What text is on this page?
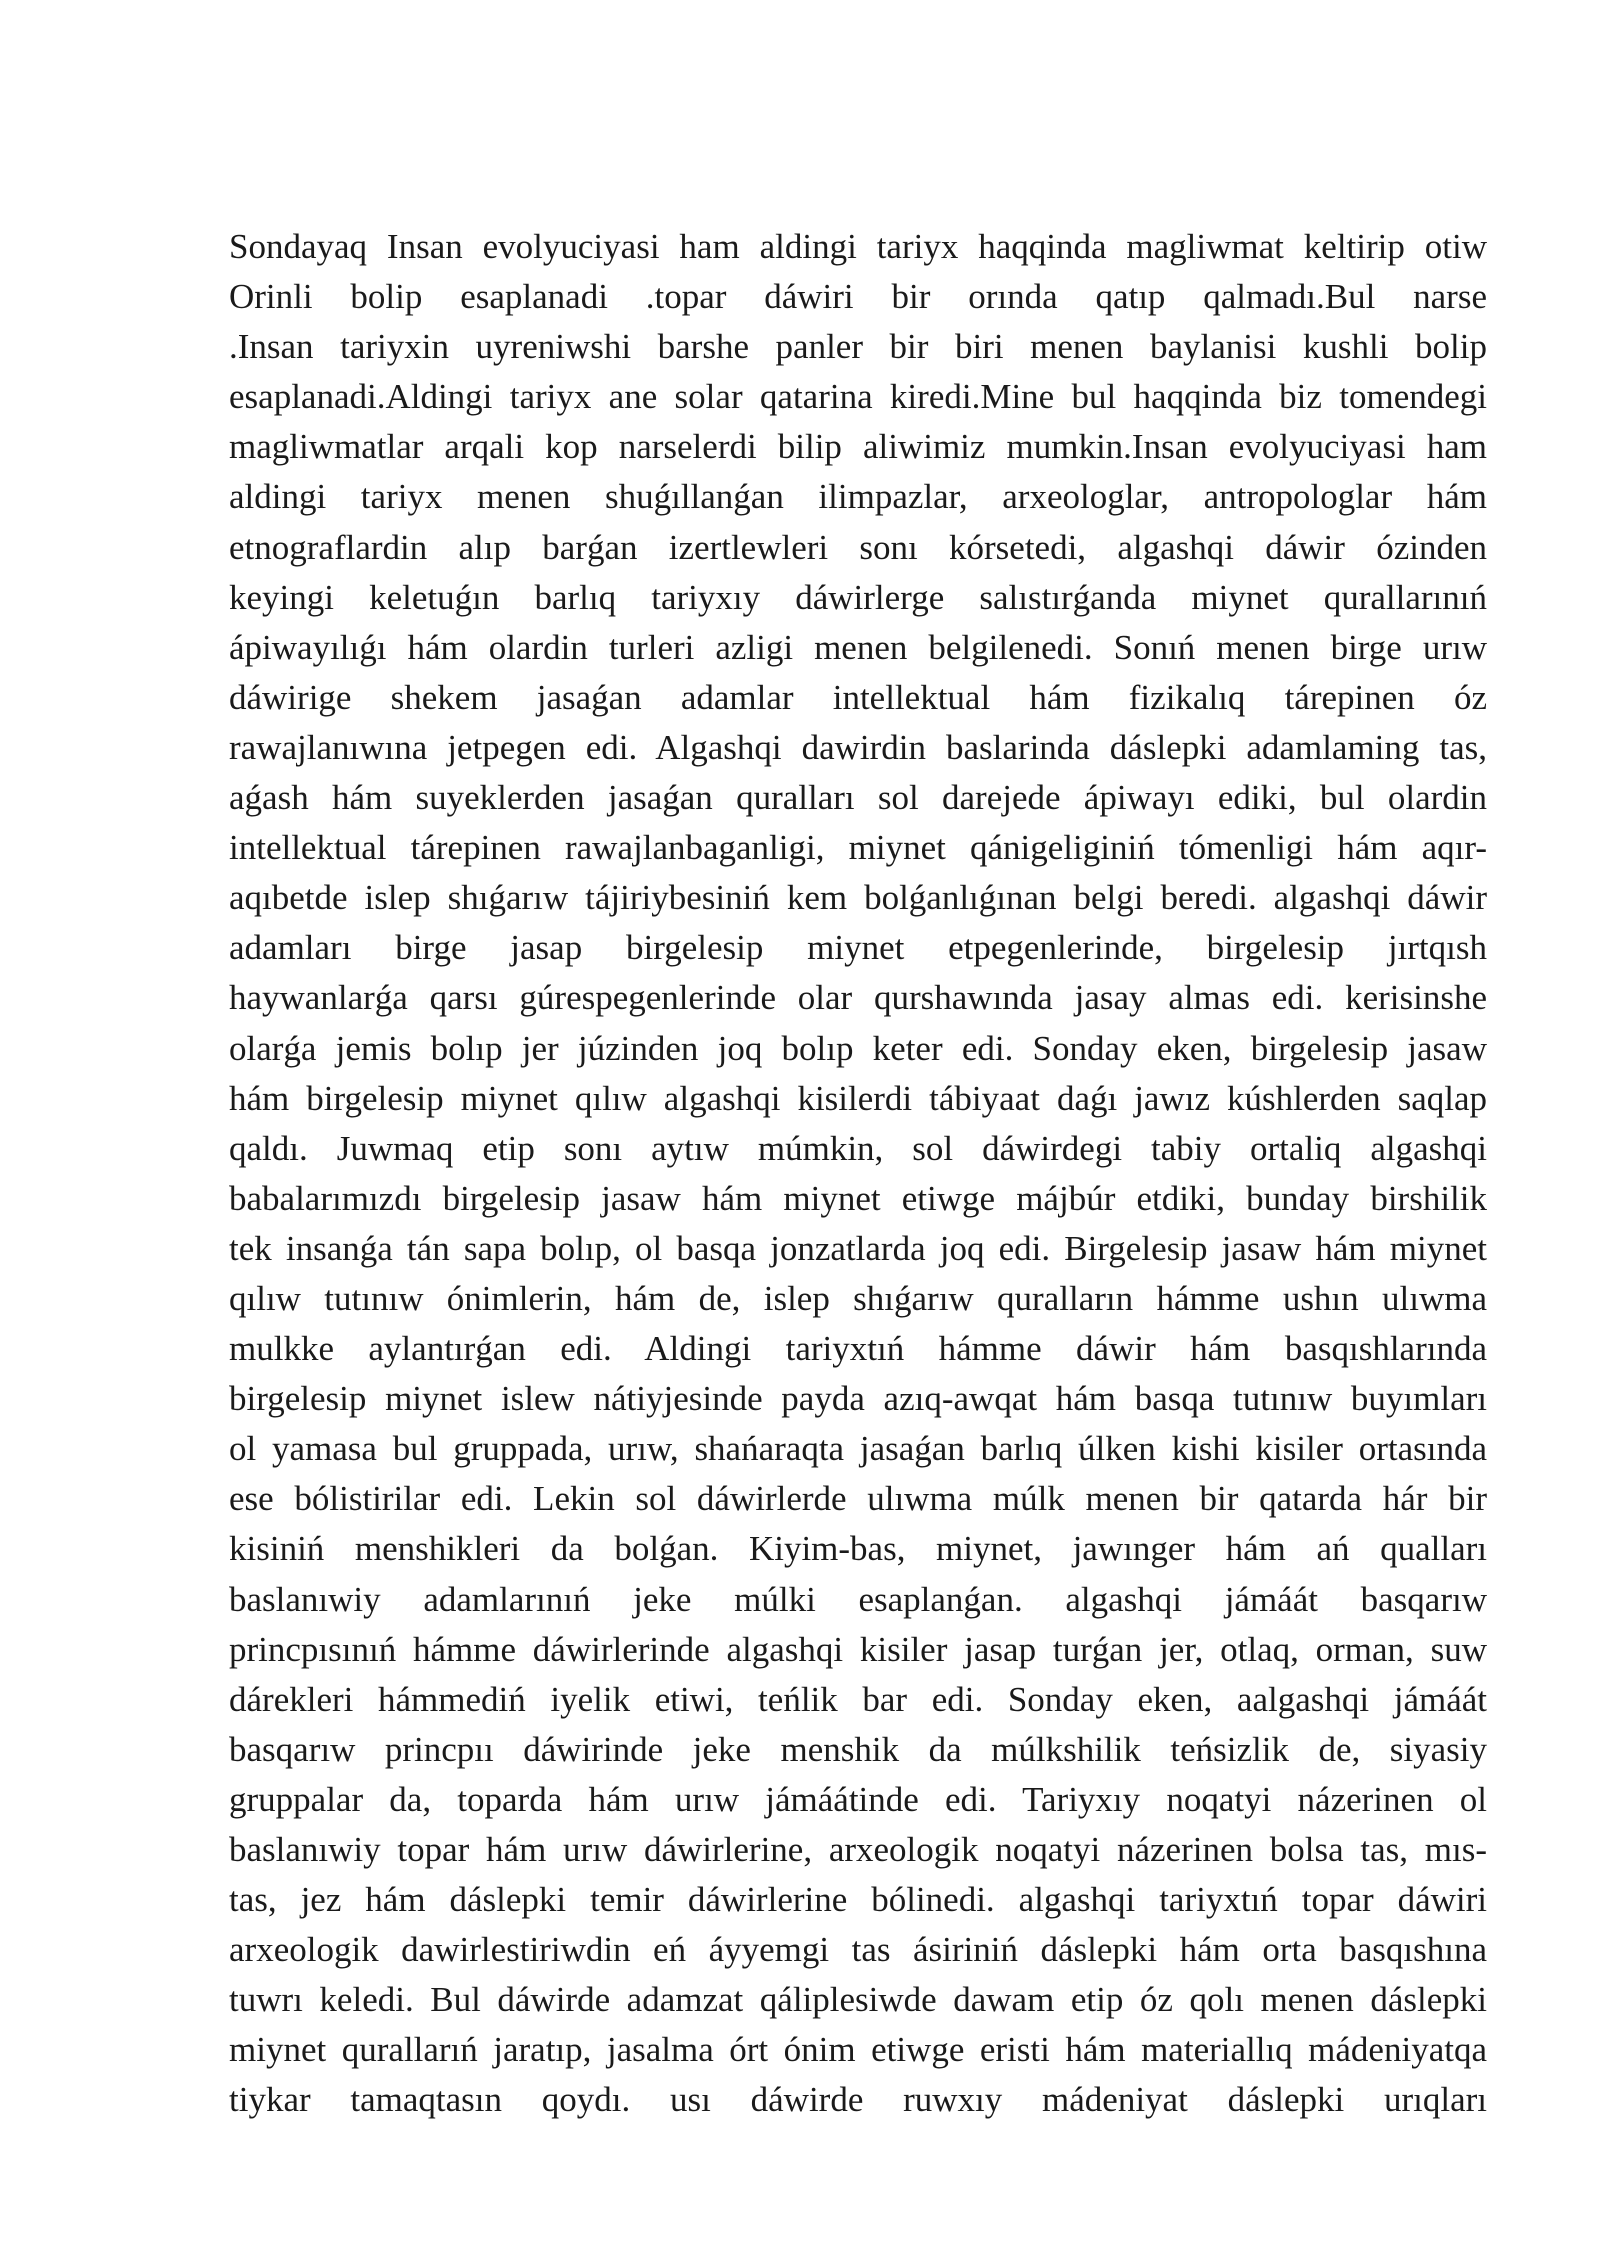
Sondayaq Insan evolyuciyasi ham aldingi tariyx haqqinda magliwmat keltirip otiw
Orinli bolip esaplanadi .topar dáwiri bir orında qatıp qalmadı.Bul narse
.Insan tariyxin uyreniwshi barshe panler bir biri menen baylanisi kushli bolip
esaplanadi.Aldingi tariyx ane solar qatarina kiredi.Mine bul haqqinda biz tomendegi
magliwmatlar arqali kop narselerdi bilip aliwimiz mumkin.Insan evolyuciyasi ham
aldingi tariyx menen shuǵıllanǵan ilimpazlar, arxeologlar, antropologlar hám
etnograflardin alıp barǵan izertlewleri sonı kórsetedi, algashqi dáwir ózinden
keyingi keletuǵın barlıq tariyxıy dáwirlerge salıstırǵanda miynet qurallarınıń
ápiwayılıǵı hám olardin turleri azligi menen belgilenedi. Sonıń menen birge urıw
dáwirige shekem jasaǵan adamlar intellektual hám fizikalıq tárepinen óz
rawajlanıwına jetpegen edi. Algashqi dawirdin baslarinda dáslepki adamlaming tas,
aǵash hám suyeklerden jasaǵan quralları sol darejede ápiwayı ediki, bul olardin
intellektual tárepinen rawajlanbaganligi, miynet qánigeliginiń tómenligi hám aqır-
aqıbetde islep shıǵarıw tájiriybesiniń kem bolǵanlıǵınan belgi beredi. algashqi dáwir
adamları birge jasap birgelesip miynet etpegenlerinde, birgelesip jırtqısh
haywanlarǵa qarsı gúrespegenlerinde olar qurshawında jasay almas edi. kerisinshe
olarǵa jemis bolıp jer júzinden joq bolıp keter edi. Sonday eken, birgelesip jasaw
hám birgelesip miynet qılıw algashqi kisilerdi tábiyaat daǵı jawız kúshlerden saqlap
qaldı. Juwmaq etip sonı aytıw múmkin, sol dáwirdegi tabiy ortaliq algashqi
babalarımızdı birgelesip jasaw hám miynet etiwge májbúr etdiki, bunday birshilik
tek insanǵa tán sapa bolıp, ol basqa jonzatlarda joq edi. Birgelesip jasaw hám miynet
qılıw tutınıw ónimlerin, hám de, islep shıǵarıw quralların hámme ushın ulıwma
mulkke aylantırǵan edi. Aldingi tariyxtıń hámme dáwir hám basqıshlarında
birgelesip miynet islew nátiyjesinde payda azıq-awqat hám basqa tutınıw buyımları
ol yamasa bul gruppada, urıw, shańaraqta jasaǵan barlıq úlken kishi kisiler ortasında
ese bólistirilar edi. Lekin sol dáwirlerde ulıwma múlk menen bir qatarda hár bir
kisiniń menshikleri da bolǵan. Kiyim-bas, miynet, jawınger hám ań qualları
baslanıwiy adamlarınıń jeke múlki esaplanǵan. algashqi jámáát basqarıw
princpısınıń hámme dáwirlerinde algashqi kisiler jasap turǵan jer, otlaq, orman, suw
dárekleri hámmediń iyelik etiwi, teńlik bar edi. Sonday eken, aalgashqi jámáát
basqarıw princpıı dáwirinde jeke menshik da múlkshilik teńsizlik de, siyasiy
gruppalar da, toparda hám urıw jámáátinde edi. Tariyxıy noqatyi názerinen ol
baslanıwiy topar hám urıw dáwirlerine, arxeologik noqatyi názerinen bolsa tas, mıs-
tas, jez hám dáslepki temir dáwirlerine bólinedi. algashqi tariyxtıń topar dáwiri
arxeologik dawirlestiriwdin eń áyyemgi tas ásiriniń dáslepki hám orta basqıshına
tuwrı keledi. Bul dáwirde adamzat qáliplesiwde dawam etip óz qolı menen dáslepki
miynet qurallarıń jaratıp, jasalma órt ónim etiwge eristi hám materiallıq mádeniyatqa
tiykar tamaqtasın qoydı. usı dáwirde ruwxıy mádeniyat dáslepki urıqları
